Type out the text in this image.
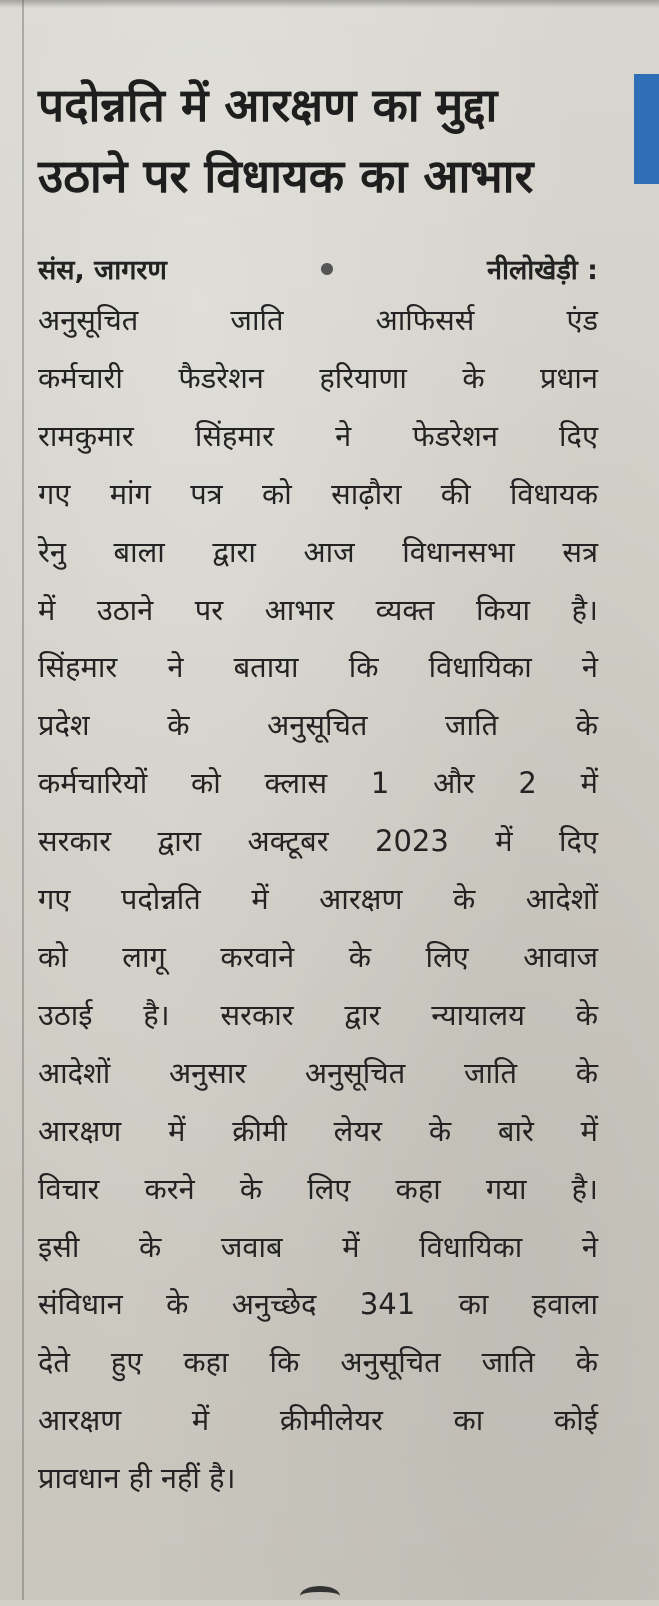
पदोन्नति में आरक्षण का मुद्दा उठाने पर विधायक का आभार
संस, जागरण	नीलोखेड़ी :
अनुसूचित जाति आफिसर्स एंड
कर्मचारी फैडरेशन हरियाणा के प्रधान
रामकुमार सिंहमार ने फेडरेशन दिए
गए मांग पत्र को साढ़ौरा की विधायक
रेनु बाला द्वारा आज विधानसभा सत्र
में उठाने पर आभार व्यक्त किया है।
सिंहमार ने बताया कि विधायिका ने
प्रदेश के अनुसूचित जाति के
कर्मचारियों को क्लास 1 और 2 में
सरकार द्वारा अक्टूबर 2023 में दिए
गए पदोन्नति में आरक्षण के आदेशों
को लागू करवाने के लिए आवाज
उठाई है। सरकार द्वार न्यायालय के
आदेशों अनुसार अनुसूचित जाति के
आरक्षण में क्रीमी लेयर के बारे में
विचार करने के लिए कहा गया है।
इसी के जवाब में विधायिका ने
संविधान के अनुच्छेद 341 का हवाला
देते हुए कहा कि अनुसूचित जाति के
आरक्षण में क्रीमीलेयर का कोई
प्रावधान ही नहीं है।
